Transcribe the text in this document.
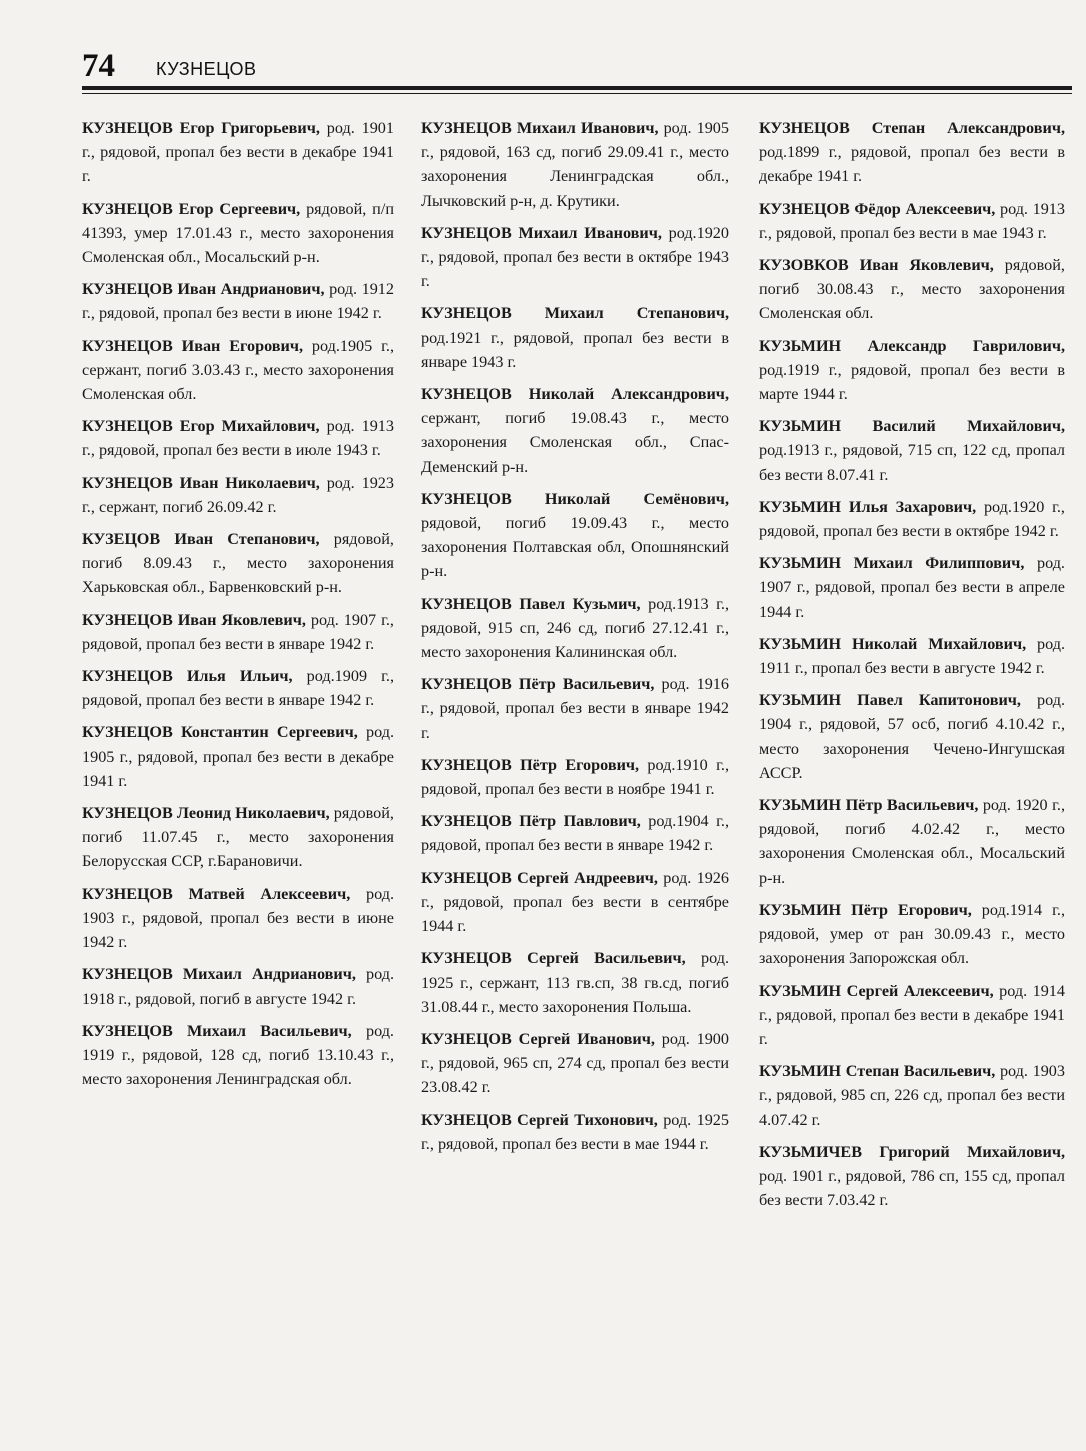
74 КУЗНЕЦОВ

КУЗНЕЦОВ Егор Григорьевич, род. 1901 г., рядовой, пропал без вести в декабре 1941 г.

КУЗНЕЦОВ Егор Сергеевич, рядовой, п/п 41393, умер 17.01.43 г., место захоронения Смоленская обл., Мосальский р-н.

КУЗНЕЦОВ Иван Андрианович, род. 1912 г., рядовой, пропал без вести в июне 1942 г.

КУЗНЕЦОВ Иван Егорович, род.1905 г., сержант, погиб 3.03.43 г., место захоронения Смоленская обл.

КУЗНЕЦОВ Егор Михайлович, род. 1913 г., рядовой, пропал без вести в июле 1943 г.

КУЗНЕЦОВ Иван Николаевич, род. 1923 г., сержант, погиб 26.09.42 г.

КУЗЕЦОВ Иван Степанович, рядовой, погиб 8.09.43 г., место захоронения Харьковская обл., Барвенковский р-н.

КУЗНЕЦОВ Иван Яковлевич, род. 1907 г., рядовой, пропал без вести в январе 1942 г.

КУЗНЕЦОВ Илья Ильич, род.1909 г., рядовой, пропал без вести в январе 1942 г.

КУЗНЕЦОВ Константин Сергеевич, род. 1905 г., рядовой, пропал без вести в декабре 1941 г.

КУЗНЕЦОВ Леонид Николаевич, рядовой, погиб 11.07.45 г., место захоронения Белорусская ССР, г.Барановичи.

КУЗНЕЦОВ Матвей Алексеевич, род. 1903 г., рядовой, пропал без вести в июне 1942 г.

КУЗНЕЦОВ Михаил Андрианович, род. 1918 г., рядовой, погиб в августе 1942 г.

КУЗНЕЦОВ Михаил Васильевич, род. 1919 г., рядовой, 128 сд, погиб 13.10.43 г., место захоронения Ленинградская обл.

КУЗНЕЦОВ Михаил Иванович, род. 1905 г., рядовой, 163 сд, погиб 29.09.41 г., место захоронения Ленинградская обл., Лычковский р-н, д. Крутики.

КУЗНЕЦОВ Михаил Иванович, род.1920 г., рядовой, пропал без вести в октябре 1943 г.

КУЗНЕЦОВ Михаил Степанович, род.1921 г., рядовой, пропал без вести в январе 1943 г.

КУЗНЕЦОВ Николай Александрович, сержант, погиб 19.08.43 г., место захоронения Смоленская обл., Спас-Деменский р-н.

КУЗНЕЦОВ Николай Семёнович, рядовой, погиб 19.09.43 г., место захоронения Полтавская обл, Опошнянский р-н.

КУЗНЕЦОВ Павел Кузьмич, род.1913 г., рядовой, 915 сп, 246 сд, погиб 27.12.41 г., место захоронения Калининская обл.

КУЗНЕЦОВ Пётр Васильевич, род. 1916 г., рядовой, пропал без вести в январе 1942 г.

КУЗНЕЦОВ Пётр Егорович, род.1910 г., рядовой, пропал без вести в ноябре 1941 г.

КУЗНЕЦОВ Пётр Павлович, род.1904 г., рядовой, пропал без вести в январе 1942 г.

КУЗНЕЦОВ Сергей Андреевич, род. 1926 г., рядовой, пропал без вести в сентябре 1944 г.

КУЗНЕЦОВ Сергей Васильевич, род. 1925 г., сержант, 113 гв.сп, 38 гв.сд, погиб 31.08.44 г., место захоронения Польша.

КУЗНЕЦОВ Сергей Иванович, род. 1900 г., рядовой, 965 сп, 274 сд, пропал без вести 23.08.42 г.

КУЗНЕЦОВ Сергей Тихонович, род. 1925 г., рядовой, пропал без вести в мае 1944 г.

КУЗНЕЦОВ Степан Александрович, род.1899 г., рядовой, пропал без вести в декабре 1941 г.

КУЗНЕЦОВ Фёдор Алексеевич, род. 1913 г., рядовой, пропал без вести в мае 1943 г.

КУЗОВКОВ Иван Яковлевич, рядовой, погиб 30.08.43 г., место захоронения Смоленская обл.

КУЗЬМИН Александр Гаврилович, род.1919 г., рядовой, пропал без вести в марте 1944 г.

КУЗЬМИН Василий Михайлович, род.1913 г., рядовой, 715 сп, 122 сд, пропал без вести 8.07.41 г.

КУЗЬМИН Илья Захарович, род.1920 г., рядовой, пропал без вести в октябре 1942 г.

КУЗЬМИН Михаил Филиппович, род. 1907 г., рядовой, пропал без вести в апреле 1944 г.

КУЗЬМИН Николай Михайлович, род. 1911 г., пропал без вести в августе 1942 г.

КУЗЬМИН Павел Капитонович, род. 1904 г., рядовой, 57 осб, погиб 4.10.42 г., место захоронения Чечено-Ингушская АССР.

КУЗЬМИН Пётр Васильевич, род. 1920 г., рядовой, погиб 4.02.42 г., место захоронения Смоленская обл., Мосальский р-н.

КУЗЬМИН Пётр Егорович, род.1914 г., рядовой, умер от ран 30.09.43 г., место захоронения Запорожская обл.

КУЗЬМИН Сергей Алексеевич, род. 1914 г., рядовой, пропал без вести в декабре 1941 г.

КУЗЬМИН Степан Васильевич, род. 1903 г., рядовой, 985 сп, 226 сд, пропал без вести 4.07.42 г.

КУЗЬМИЧЕВ Григорий Михайлович, род. 1901 г., рядовой, 786 сп, 155 сд, пропал без вести 7.03.42 г.
